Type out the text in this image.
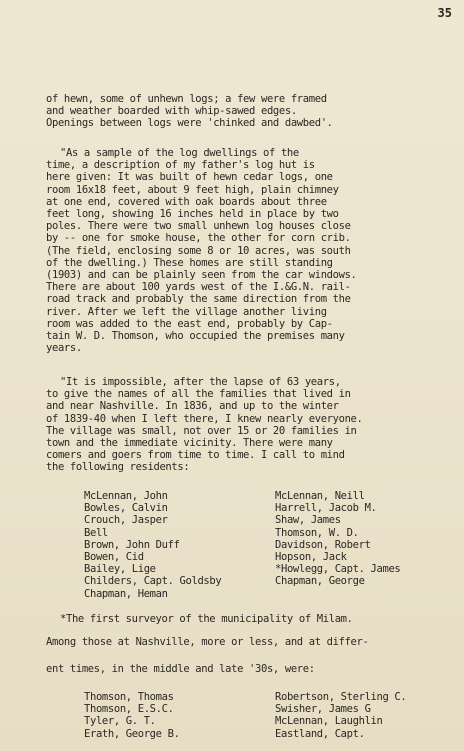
35
of hewn, some of unhewn logs; a few were framed
and weather boarded with whip-sawed edges.
Openings between logs were 'chinked and dawbed'.
"As a sample of the log dwellings of the
time, a description of my father's log hut is
here given: It was built of hewn cedar logs, one
room 16x18 feet, about 9 feet high, plain chimney
at one end, covered with oak boards about three
feet long, showing 16 inches held in place by two
poles. There were two small unhewn log houses close
by -- one for smoke house, the other for corn crib.
(The field, enclosing some 8 or 10 acres, was south
of the dwelling.) These homes are still standing
(1903) and can be plainly seen from the car windows.
There are about 100 yards west of the I.&G.N. rail-
road track and probably the same direction from the
river. After we left the village another living
room was added to the east end, probably by Cap-
tain W. D. Thomson, who occupied the premises many
years.
"It is impossible, after the lapse of 63 years,
to give the names of all the families that lived in
and near Nashville. In 1836, and up to the winter
of 1839-40 when I left there, I knew nearly everyone.
The village was small, not over 15 or 20 families in
town and the immediate vicinity. There were many
comers and goers from time to time. I call to mind
the following residents:
McLennan, John	McLennan, Neill
Bowles, Calvin	Harrell, Jacob M.
Crouch, Jasper	Shaw, James
Bell	Thomson, W. D.
Brown, John Duff	Davidson, Robert
Bowen, Cid	Hopson, Jack
Bailey, Lige	*Howlegg, Capt. James
Childers, Capt. Goldsby	Chapman, George
Chapman, Heman
*The first surveyor of the municipality of Milam.
Among those at Nashville, more or less, and at differ-
ent times, in the middle and late '30s, were:
Thomson, Thomas	Robertson, Sterling C.
Thomson, E.S.C.	Swisher, James G
Tyler, G. T.	McLennan, Laughlin
Erath, George B.	Eastland, Capt.
